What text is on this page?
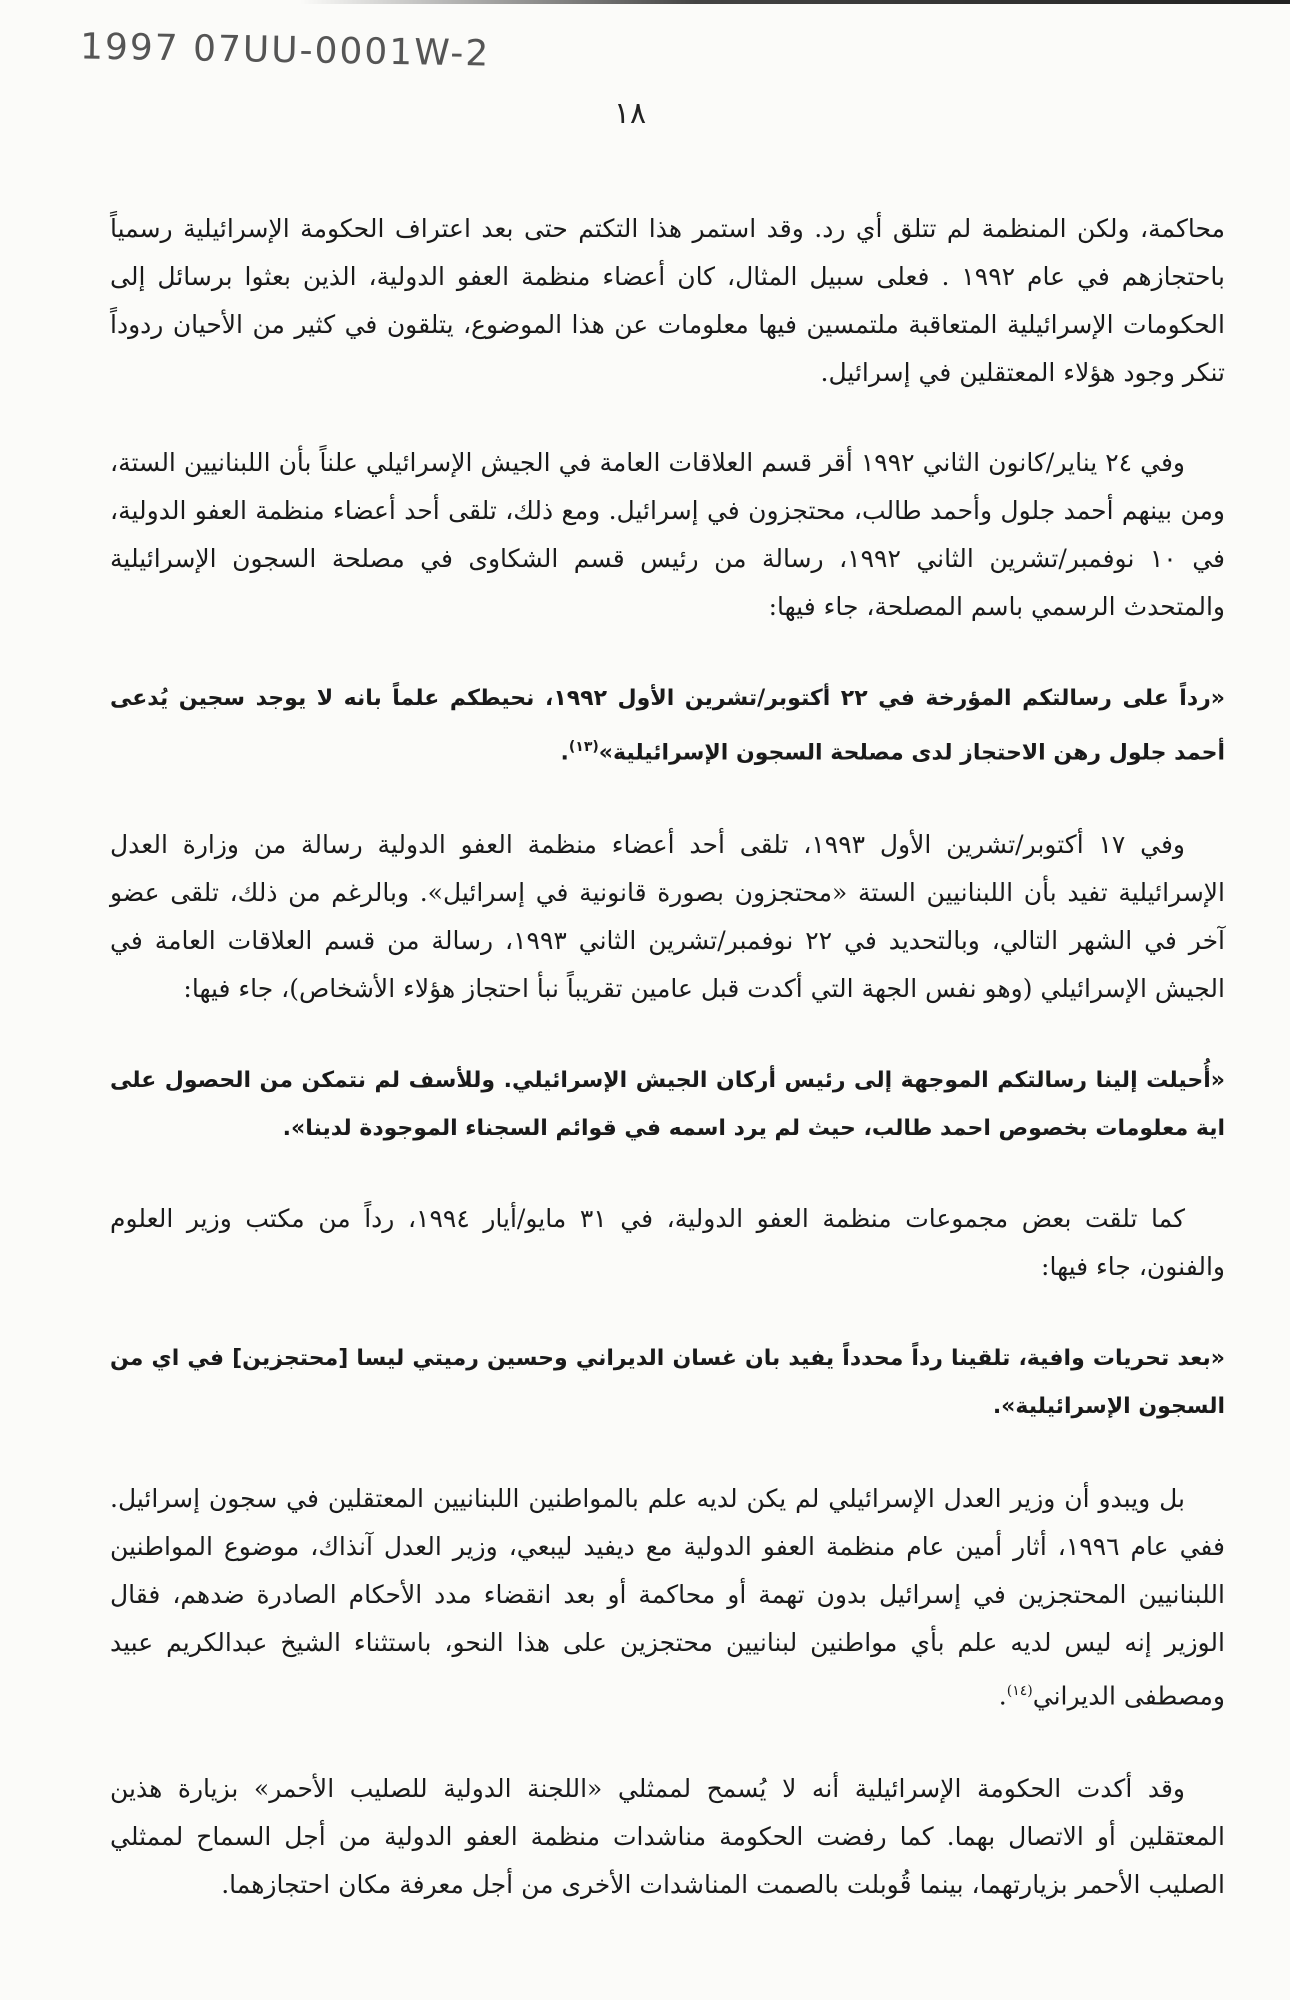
1997 07UU-0001W-2
١٨

محاكمة، ولكن المنظمة لم تتلق أي رد. وقد استمر هذا التكتم حتى بعد اعتراف الحكومة الإسرائيلية رسمياً باحتجازهم في عام ١٩٩٢ . فعلى سبيل المثال، كان أعضاء منظمة العفو الدولية، الذين بعثوا برسائل إلى الحكومات الإسرائيلية المتعاقبة ملتمسين فيها معلومات عن هذا الموضوع، يتلقون في كثير من الأحيان ردوداً تنكر وجود هؤلاء المعتقلين في إسرائيل.

وفي ٢٤ يناير/كانون الثاني ١٩٩٢ أقر قسم العلاقات العامة في الجيش الإسرائيلي علناً بأن اللبنانيين الستة، ومن بينهم أحمد جلول وأحمد طالب، محتجزون في إسرائيل. ومع ذلك، تلقى أحد أعضاء منظمة العفو الدولية، في ١٠ نوفمبر/تشرين الثاني ١٩٩٢، رسالة من رئيس قسم الشكاوى في مصلحة السجون الإسرائيلية والمتحدث الرسمي باسم المصلحة، جاء فيها:

«رداً على رسالتكم المؤرخة في ٢٢ أكتوبر/تشرين الأول ١٩٩٢، نحيطكم علماً بانه لا يوجد سجين يُدعى أحمد جلول رهن الاحتجاز لدى مصلحة السجون الإسرائيلية»$^{(١٣)}$.

وفي ١٧ أكتوبر/تشرين الأول ١٩٩٣، تلقى أحد أعضاء منظمة العفو الدولية رسالة من وزارة العدل الإسرائيلية تفيد بأن اللبنانيين الستة «محتجزون بصورة قانونية في إسرائيل». وبالرغم من ذلك، تلقى عضو آخر في الشهر التالي، وبالتحديد في ٢٢ نوفمبر/تشرين الثاني ١٩٩٣، رسالة من قسم العلاقات العامة في الجيش الإسرائيلي (وهو نفس الجهة التي أكدت قبل عامين تقريباً نبأ احتجاز هؤلاء الأشخاص)، جاء فيها:

«أُحيلت إلينا رسالتكم الموجهة إلى رئيس أركان الجيش الإسرائيلي. وللأسف لم نتمكن من الحصول على اية معلومات بخصوص احمد طالب، حيث لم يرد اسمه في قوائم السجناء الموجودة لدينا».

كما تلقت بعض مجموعات منظمة العفو الدولية، في ٣١ مايو/أيار ١٩٩٤، رداً من مكتب وزير العلوم والفنون، جاء فيها:

«بعد تحريات وافية، تلقينا رداً محدداً يفيد بان غسان الديراني وحسين رميتي ليسا [محتجزين] في اي من السجون الإسرائيلية».

بل ويبدو أن وزير العدل الإسرائيلي لم يكن لديه علم بالمواطنين اللبنانيين المعتقلين في سجون إسرائيل. ففي عام ١٩٩٦، أثار أمين عام منظمة العفو الدولية مع ديفيد ليبعي، وزير العدل آنذاك، موضوع المواطنين اللبنانيين المحتجزين في إسرائيل بدون تهمة أو محاكمة أو بعد انقضاء مدد الأحكام الصادرة ضدهم، فقال الوزير إنه ليس لديه علم بأي مواطنين لبنانيين محتجزين على هذا النحو، باستثناء الشيخ عبدالكريم عبيد ومصطفى الديراني$^{(١٤)}$.

وقد أكدت الحكومة الإسرائيلية أنه لا يُسمح لممثلي «اللجنة الدولية للصليب الأحمر» بزيارة هذين المعتقلين أو الاتصال بهما. كما رفضت الحكومة مناشدات منظمة العفو الدولية من أجل السماح لممثلي الصليب الأحمر بزيارتهما، بينما قُوبلت بالصمت المناشدات الأخرى من أجل معرفة مكان احتجازهما.
